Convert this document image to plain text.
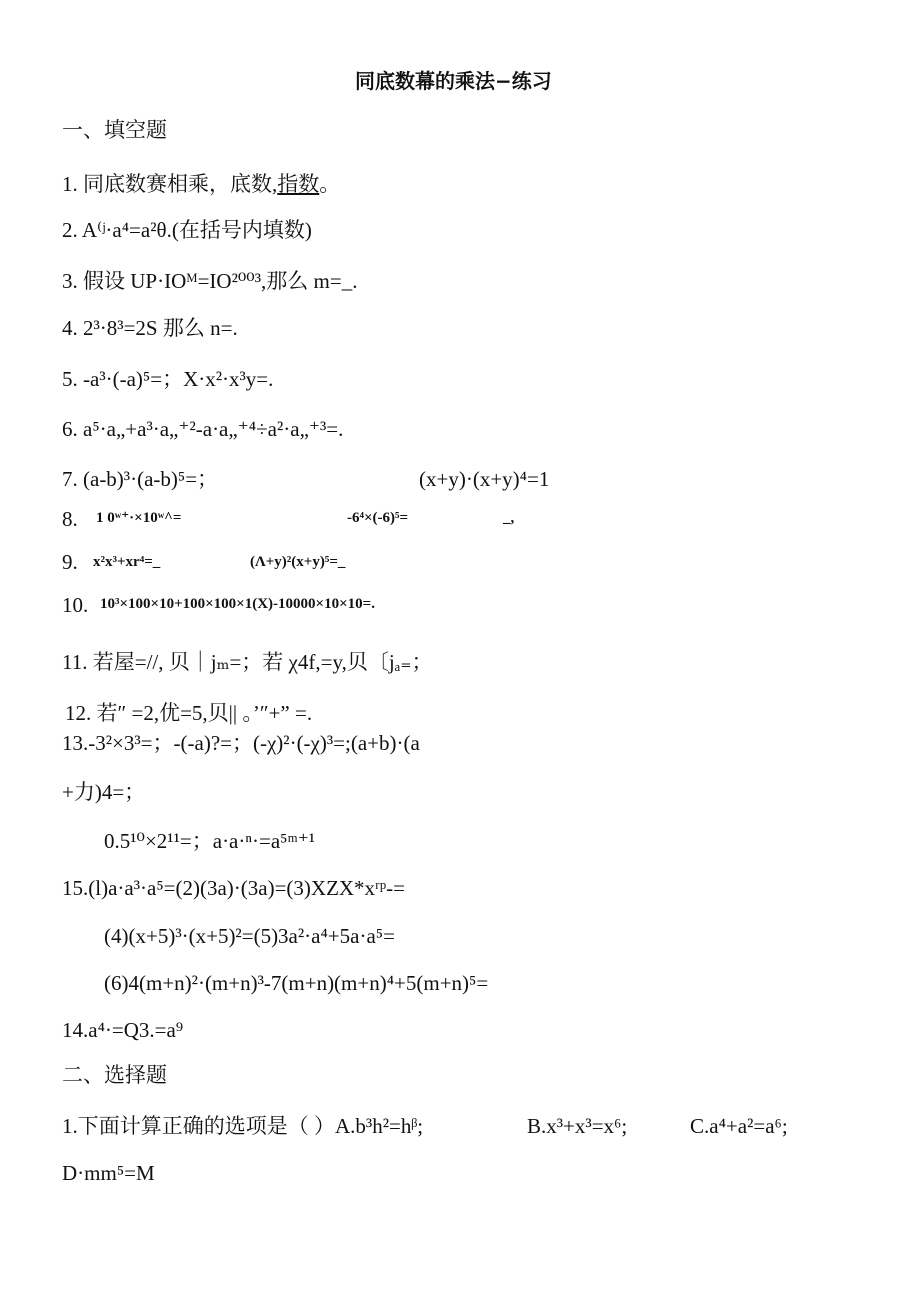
同底数幕的乘法−练习
一、填空题
1. 同底数赛相乘，底数,指数。
2. A⁽ʲ·a⁴=a²θ.(在括号内填数)
3. 假设 UP·IOᴹ=IO²⁰⁰³,那么 m=_.
4. 2³·8³=2S 那么 n=.
5. -a³·(-a)⁵=；X·x²·x³y=.
6. a⁵·a„+a³·a„⁺²-a·a„⁺⁴÷a²·a„⁺³=.
7. (a-b)³·(a-b)⁵=；	(x+y)·(x+y)⁴=1
8. 1 0ʷ⁺·×10ʷ^=	-6⁴×(-6)⁵=	_,
9. x²x³+xr⁴=_	(Λ+y)²(x+y)⁵=_
10. 10³×100×10+100×100×1(X)-10000×10×10=.
11. 若屋=//, 贝｜jₘ=；若 χ4f,=y,贝〔jₐ₌；
12. 若″ =2,优=5,贝|| 。’″+” =.
13.-3²×3³=；-(-a)?=；(-χ)²·(-χ)³=;(a+b)·(a
+力)4=；
0.5¹⁰×2¹¹=；a·a·ⁿ·=a⁵ᵐ⁺¹
15.(l)a·a³·a⁵=(2)(3a)·(3a)=(3)XZX*xʳᵖ-=
(4)(x+5)³·(x+5)²=(5)3a²·a⁴+5a·a⁵=
(6)4(m+n)²·(m+n)³-7(m+n)(m+n)⁴+5(m+n)⁵=
14.a⁴·=Q3.=a⁹
二、选择题
1.下面计算正确的选项是（ ）A.b³h²=hᵝ;	B.x³+x³=x⁶;	C.a⁴+a²=a⁶;
D·mm⁵=M
